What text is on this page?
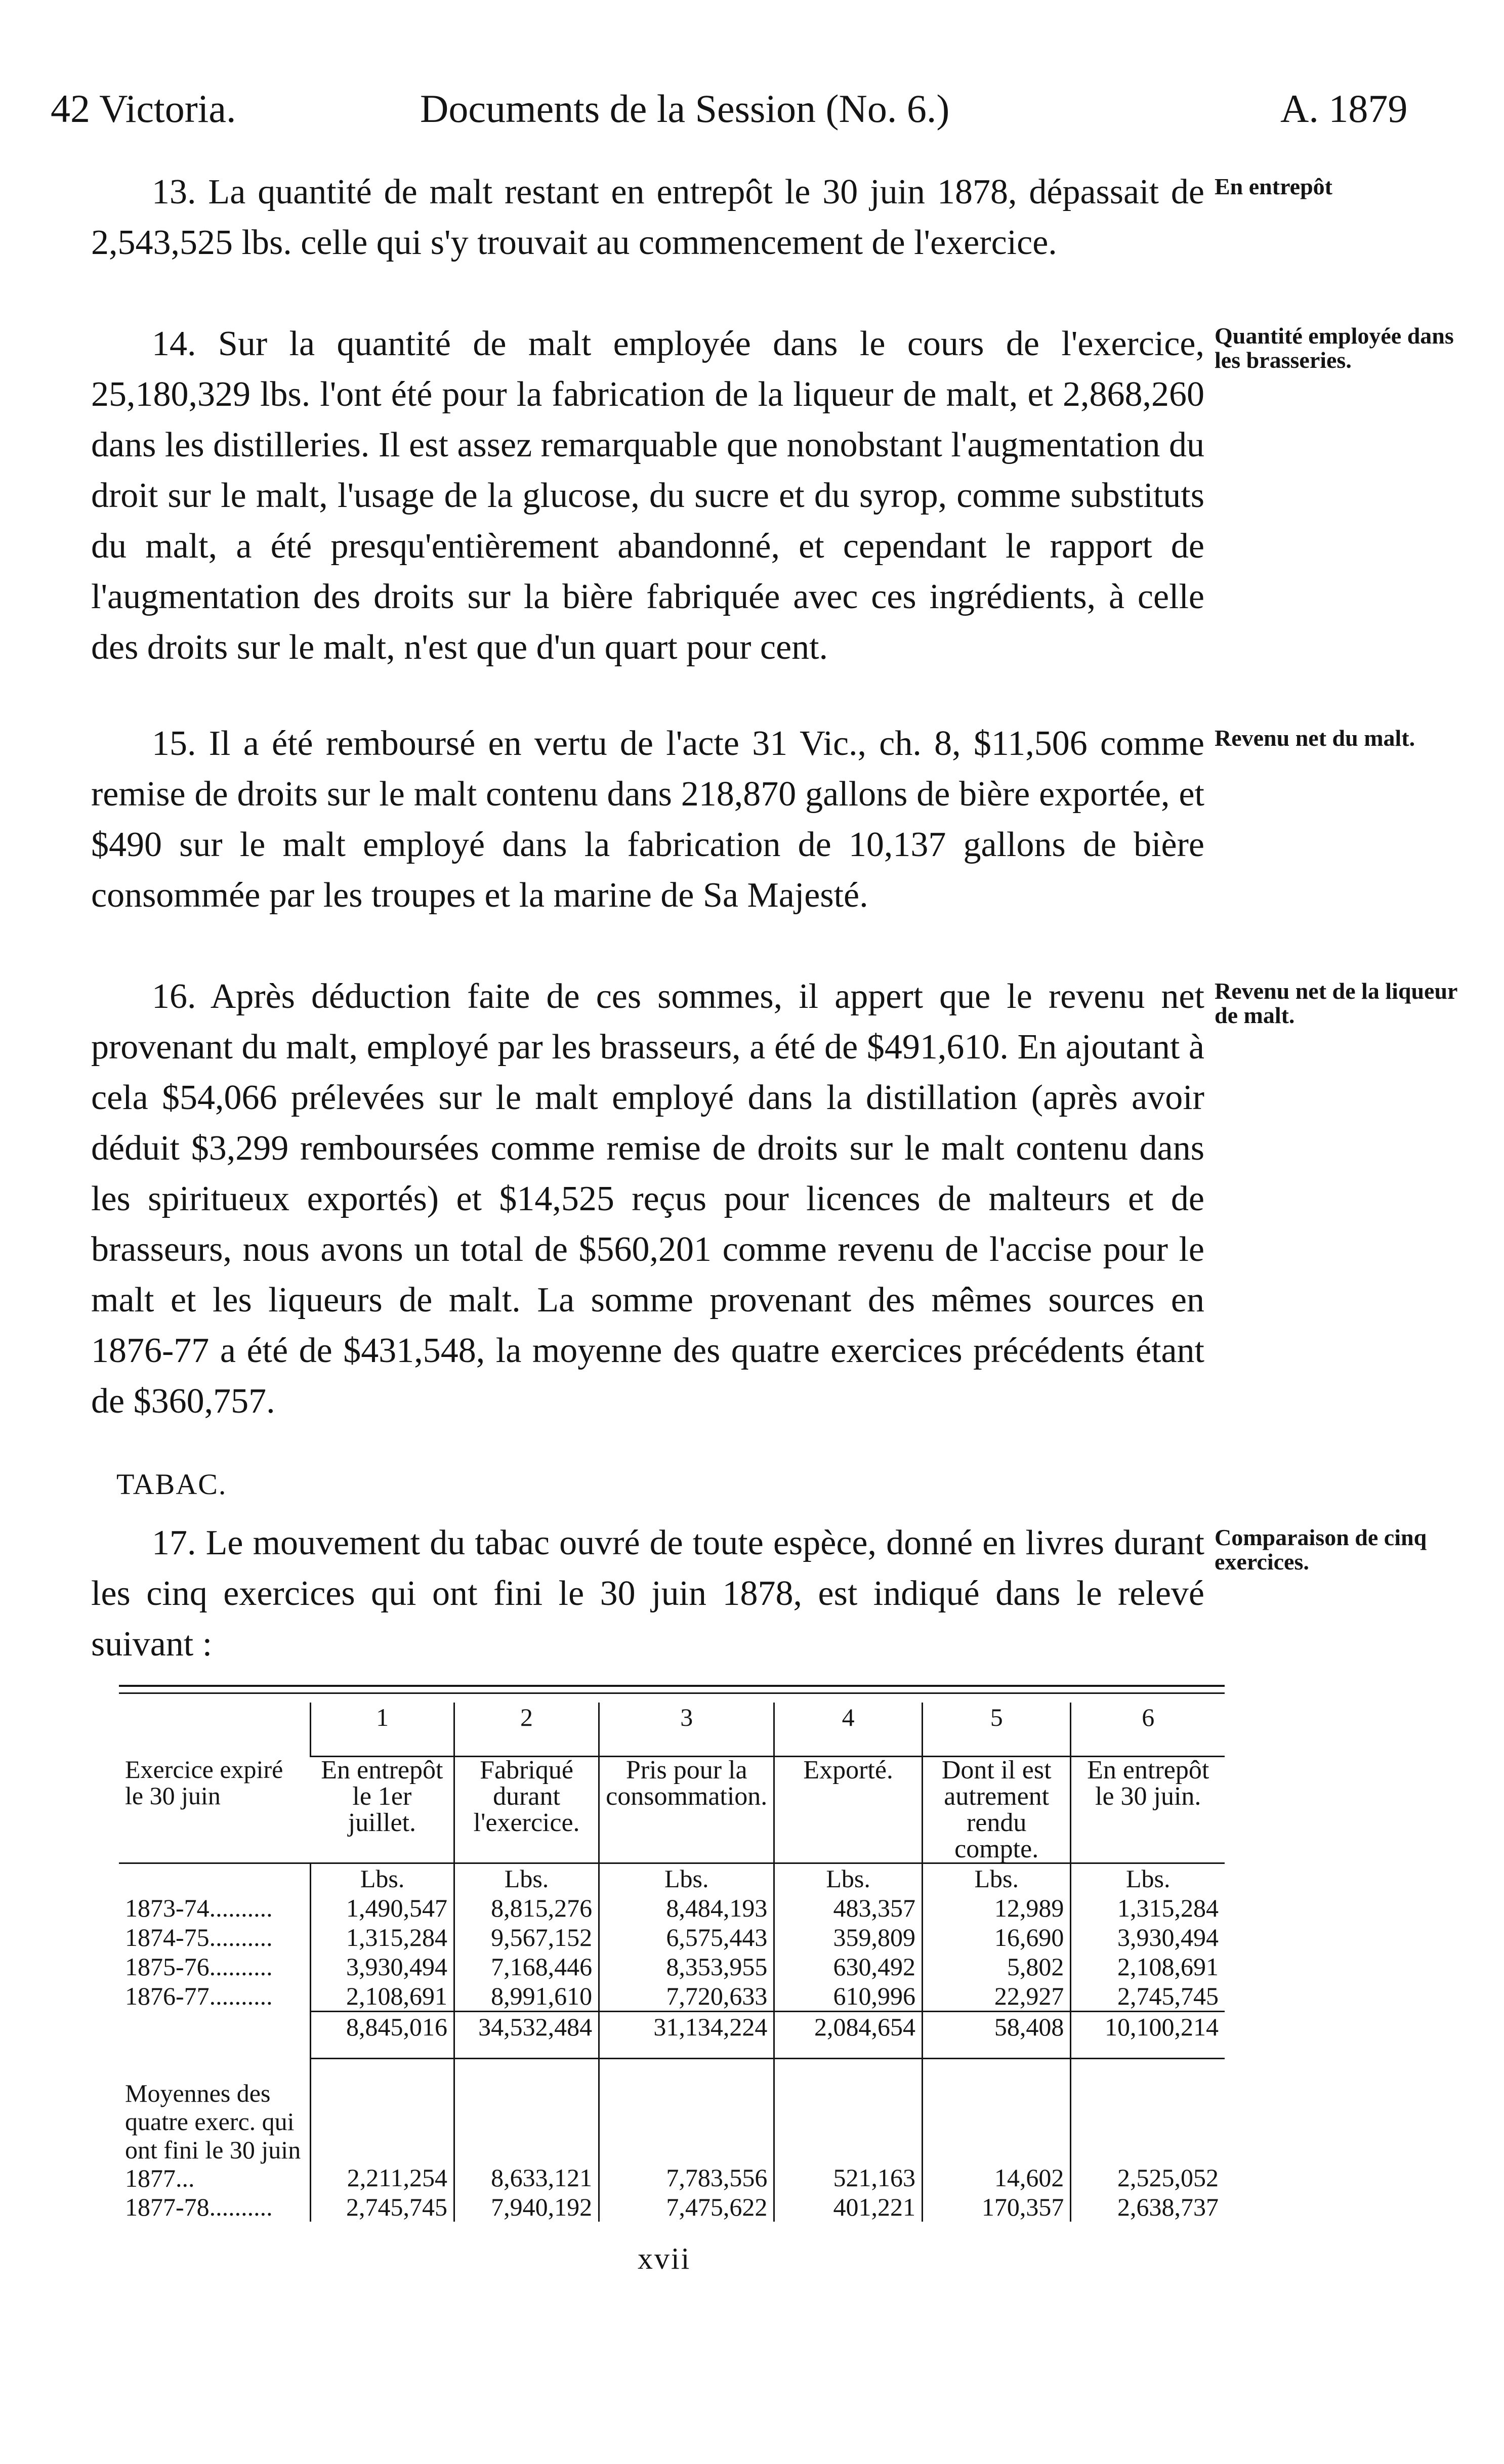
42 Victoria.	Documents de la Session (No. 6.)	A. 1879

13. La quantité de malt restant en entrepôt le 30 juin 1878, dépassait de 2,543,525 lbs. celle qui s'y trouvait au commencement de l'exercice.

14. Sur la quantité de malt employée dans le cours de l'exercice, 25,180,329 lbs. l'ont été pour la fabrication de la liqueur de malt, et 2,868,260 dans les distilleries. Il est assez remarquable que nonobstant l'augmentation du droit sur le malt, l'usage de la glucose, du sucre et du syrop, comme substituts du malt, a été presqu'entièrement abandonné, et cependant le rapport de l'augmentation des droits sur la bière fabriquée avec ces ingrédients, à celle des droits sur le malt, n'est que d'un quart pour cent.

15. Il a été remboursé en vertu de l'acte 31 Vic., ch. 8, $11,506 comme remise de droits sur le malt contenu dans 218,870 gallons de bière exportée, et $490 sur le malt employé dans la fabrication de 10,137 gallons de bière consommée par les troupes et la marine de Sa Majesté.

16. Après déduction faite de ces sommes, il appert que le revenu net provenant du malt, employé par les brasseurs, a été de $491,610. En ajoutant à cela $54,066 prélevées sur le malt employé dans la distillation (après avoir déduit $3,299 remboursées comme remise de droits sur le malt contenu dans les spiritueux exportés) et $14,525 reçus pour licences de malteurs et de brasseurs, nous avons un total de $560,201 comme revenu de l'accise pour le malt et les liqueurs de malt. La somme provenant des mêmes sources en 1876-77 a été de $431,548, la moyenne des quatre exercices précédents étant de $360,757.

TABAC.

17. Le mouvement du tabac ouvré de toute espèce, donné en livres durant les cinq exercices qui ont fini le 30 juin 1878, est indiqué dans le relevé suivant :

En entrepôt
Quantité employée dans les brasseries.
Revenu net du malt.
Revenu net de la liqueur de malt.
Comparaison de cinq exercices.
Exercice expiré le 30 juin	1	2	3	4	5	6
	En entrepôt le 1er juillet.	Fabriqué durant l'exercice.	Pris pour la consommation.	Exporté.	Dont il est autrement rendu compte.	En entrepôt le 30 juin.
	Lbs.	Lbs.	Lbs.	Lbs.	Lbs.	Lbs.
1873-74..........	1,490,547	8,815,276	8,484,193	483,357	12,989	1,315,284
1874-75..........	1,315,284	9,567,152	6,575,443	359,809	16,690	3,930,494
1875-76..........	3,930,494	7,168,446	8,353,955	630,492	5,802	2,108,691
1876-77..........	2,108,691	8,991,610	7,720,633	610,996	22,927	2,745,745
	8,845,016	34,532,484	31,134,224	2,084,654	58,408	10,100,214
Moyennes des quatre exerc. qui ont fini le 30 juin 1877...	2,211,254	8,633,121	7,783,556	521,163	14,602	2,525,052
1877-78..........	2,745,745	7,940,192	7,475,622	401,221	170,357	2,638,737
xvii
